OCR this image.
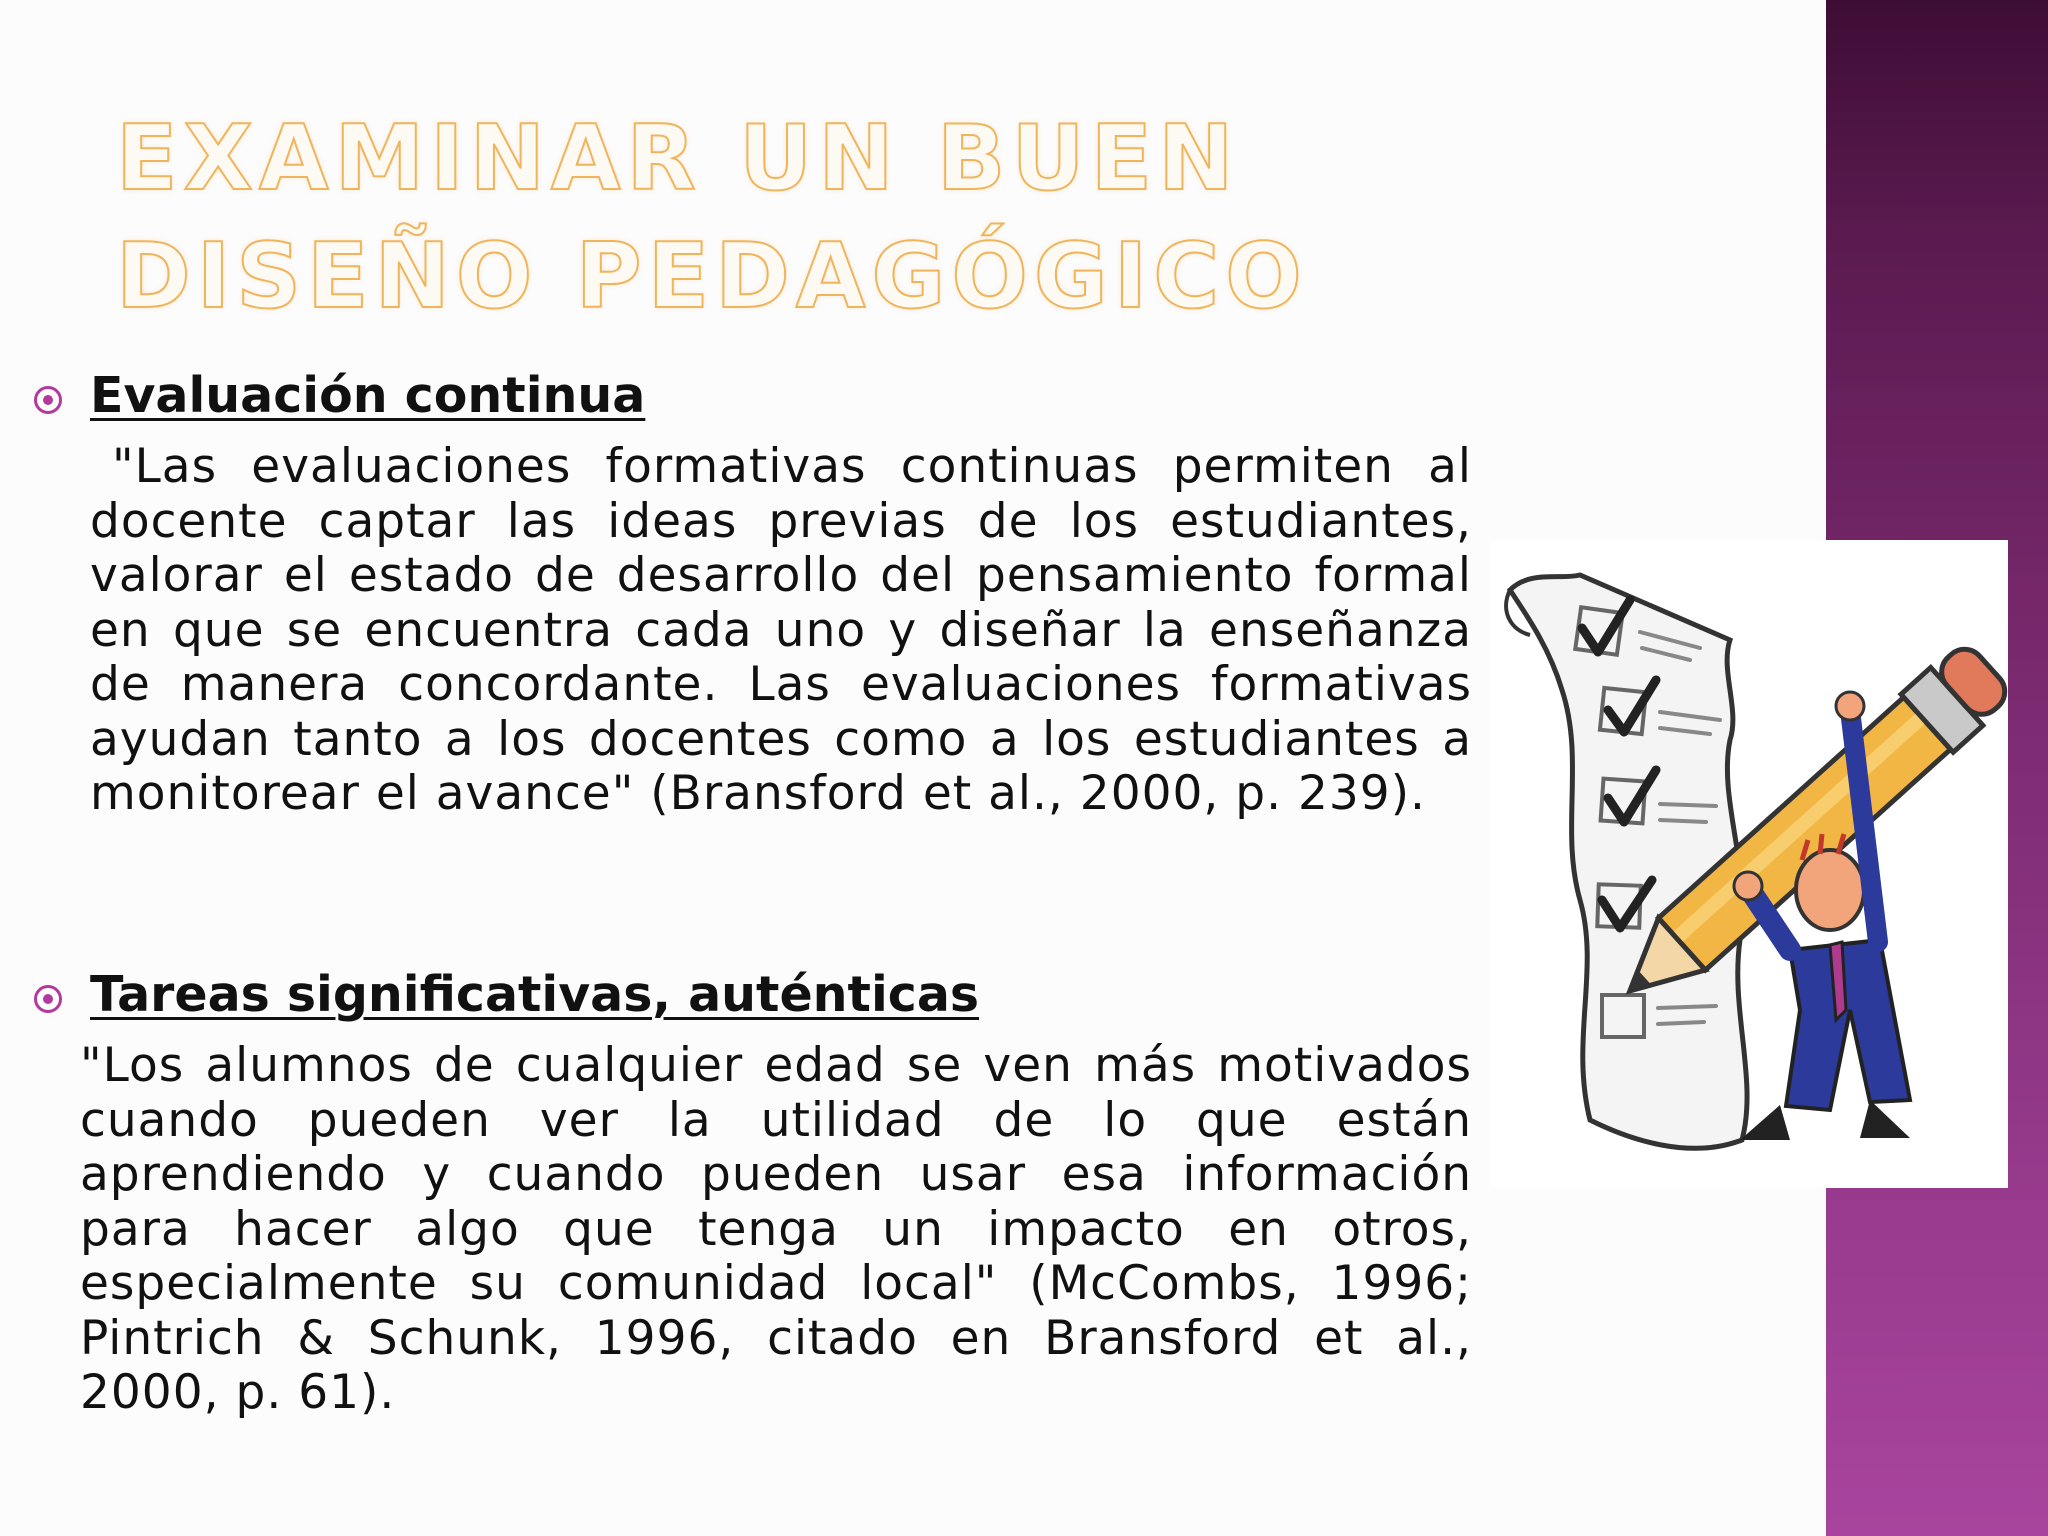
EXAMINAR UN BUEN DISEÑO PEDAGÓGICO
Evaluación continua

"Las evaluaciones formativas continuas permiten al docente captar las ideas previas de los estudiantes, valorar el estado de desarrollo del pensamiento formal en que se encuentra cada uno y diseñar la enseñanza de manera concordante. Las evaluaciones formativas ayudan tanto a los docentes como a los estudiantes a monitorear el avance" (Bransford et al., 2000, p. 239).

Tareas significativas, auténticas

"Los alumnos de cualquier edad se ven más motivados cuando pueden ver la utilidad de lo que están aprendiendo y cuando pueden usar esa información para hacer algo que tenga un impacto en otros, especialmente su comunidad local" (McCombs, 1996; Pintrich & Schunk, 1996, citado en Bransford et al., 2000, p. 61).
